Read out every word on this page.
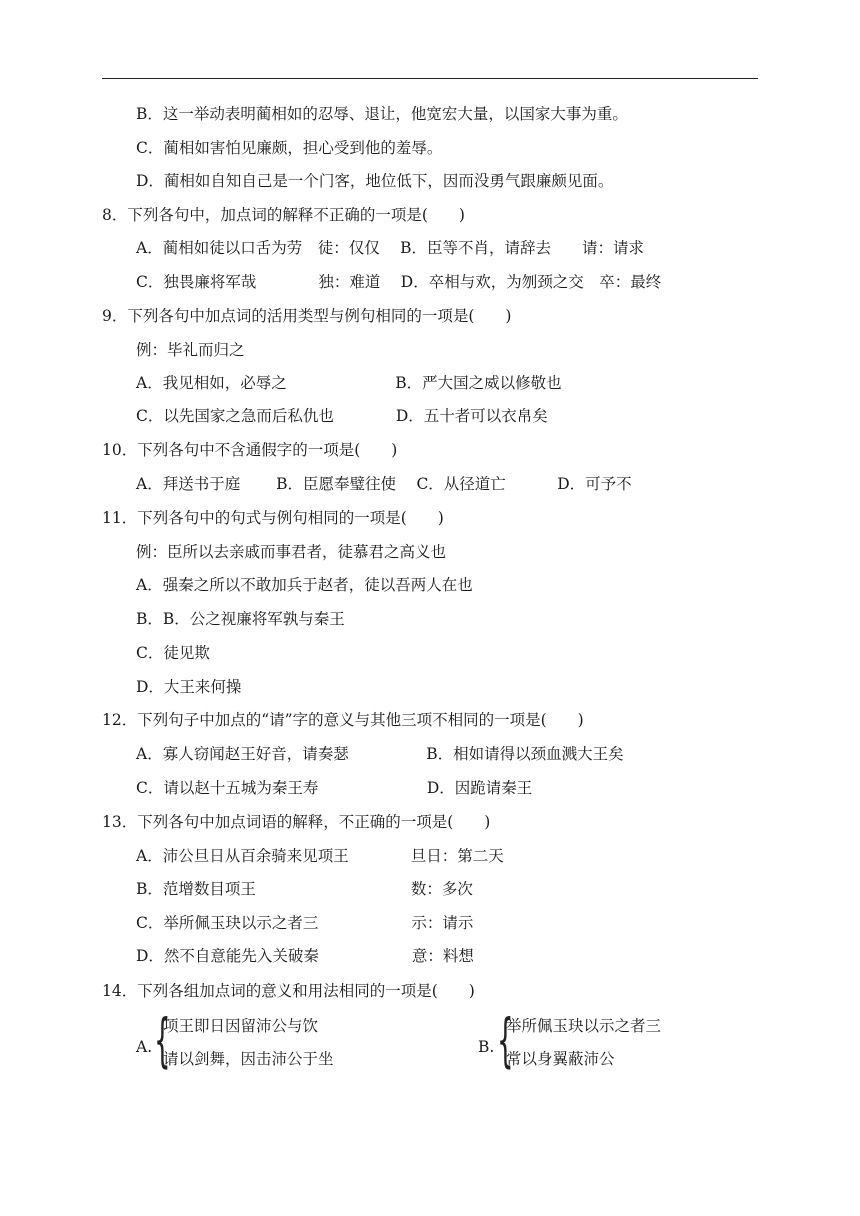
B．这一举动表明蔺相如的忍辱、退让，他宽宏大量，以国家大事为重。
C．蔺相如害怕见廉颇，担心受到他的羞辱。
D．蔺相如自知自己是一个门客，地位低下，因而没勇气跟廉颇见面。
8．下列各句中，加点词的解释不正确的一项是(　　)
A．蔺相如徒以口舌为劳　徒：仅仅　 B．臣等不肖，请辞去　　请：请求
C．独畏廉将军哉　　　　独：难道　 D．卒相与欢，为刎颈之交　卒：最终
9．下列各句中加点词的活用类型与例句相同的一项是(　　)
例：毕礼而归之
A．我见相如，必辱之　　　　　　　B．严大国之威以修敬也
C．以先国家之急而后私仇也　　　　D．五十者可以衣帛矣
10．下列各句中不含通假字的一项是(　　)
A．拜送书于庭　　 B．臣愿奉璧往使　 C．从径道亡　　　 D．可予不
11．下列各句中的句式与例句相同的一项是(　　)
例：臣所以去亲戚而事君者，徒慕君之高义也
A．强秦之所以不敢加兵于赵者，徒以吾两人在也
B．B．公之视廉将军孰与秦王
C．徒见欺
D．大王来何操
12．下列句子中加点的“请”字的意义与其他三项不相同的一项是(　　)
A．寡人窃闻赵王好音，请奏瑟　　　　　B．相如请得以颈血溅大王矣
C．请以赵十五城为秦王寿　　　　　　　D．因跪请秦王
13．下列各句中加点词语的解释，不正确的一项是(　　)
A．沛公旦日从百余骑来见项王　　　　旦日：第二天
B．范增数目项王　　　　　　　　　　数：多次
C．举所佩玉玦以示之者三　　　　　　示：请示
D．然不自意能先入关破秦　　　　　　意：料想
14．下列各组加点词的意义和用法相同的一项是(　　)
A. {
项王即日因留沛公与饮
请以剑舞，因击沛公于坐
B. {
举所佩玉玦以示之者三
常以身翼蔽沛公
